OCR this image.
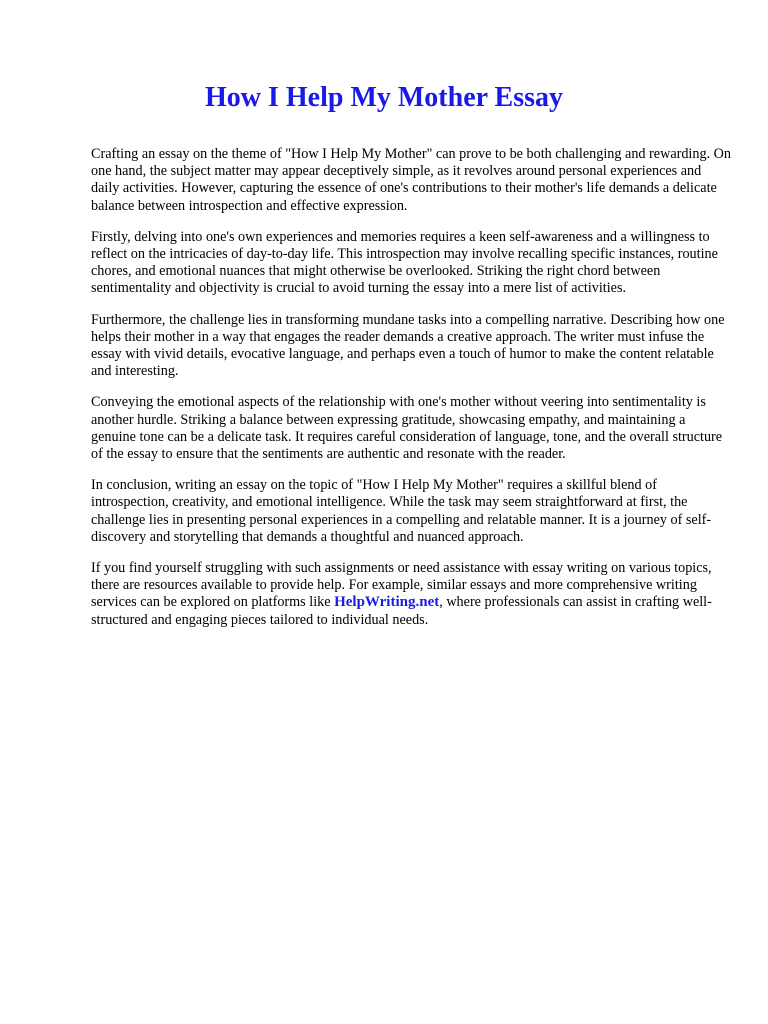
How I Help My Mother Essay

Crafting an essay on the theme of "How I Help My Mother" can prove to be both challenging and rewarding. On one hand, the subject matter may appear deceptively simple, as it revolves around personal experiences and daily activities. However, capturing the essence of one's contributions to their mother's life demands a delicate balance between introspection and effective expression.

Firstly, delving into one's own experiences and memories requires a keen self-awareness and a willingness to reflect on the intricacies of day-to-day life. This introspection may involve recalling specific instances, routine chores, and emotional nuances that might otherwise be overlooked. Striking the right chord between sentimentality and objectivity is crucial to avoid turning the essay into a mere list of activities.

Furthermore, the challenge lies in transforming mundane tasks into a compelling narrative. Describing how one helps their mother in a way that engages the reader demands a creative approach. The writer must infuse the essay with vivid details, evocative language, and perhaps even a touch of humor to make the content relatable and interesting.

Conveying the emotional aspects of the relationship with one's mother without veering into sentimentality is another hurdle. Striking a balance between expressing gratitude, showcasing empathy, and maintaining a genuine tone can be a delicate task. It requires careful consideration of language, tone, and the overall structure of the essay to ensure that the sentiments are authentic and resonate with the reader.

In conclusion, writing an essay on the topic of "How I Help My Mother" requires a skillful blend of introspection, creativity, and emotional intelligence. While the task may seem straightforward at first, the challenge lies in presenting personal experiences in a compelling and relatable manner. It is a journey of self-discovery and storytelling that demands a thoughtful and nuanced approach.

If you find yourself struggling with such assignments or need assistance with essay writing on various topics, there are resources available to provide help. For example, similar essays and more comprehensive writing services can be explored on platforms like HelpWriting.net, where professionals can assist in crafting well-structured and engaging pieces tailored to individual needs.
